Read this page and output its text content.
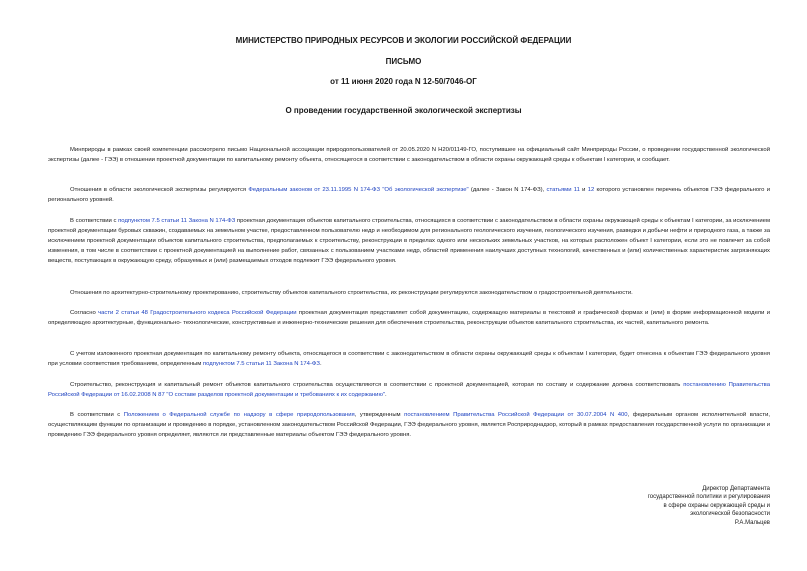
МИНИСТЕРСТВО ПРИРОДНЫХ РЕСУРСОВ И ЭКОЛОГИИ РОССИЙСКОЙ ФЕДЕРАЦИИ
ПИСЬМО
от 11 июня 2020 года N 12-50/7046-ОГ
О проведении государственной экологической экспертизы

Минприроды в рамках своей компетенции рассмотрело письмо Национальной ассоциации природопользователей от 20.05.2020 N Н20/01149-ГО, поступившее на официальный сайт Минприроды России, о проведении государственной экологической экспертизы (далее - ГЭЭ) в отношении проектной документации по капитальному ремонту объекта, относящегося в соответствии с законодательством в области охраны окружающей среды к объектам I категории, и сообщает.

Отношения в области экологической экспертизы регулируются Федеральным законом от 23.11.1995 N 174-ФЗ "Об экологической экспертизе" (далее - Закон N 174-ФЗ), статьями 11 и 12 которого установлен перечень объектов ГЭЭ федерального и регионального уровней.

В соответствии с подпунктом 7.5 статьи 11 Закона N 174-ФЗ проектная документация объектов капитального строительства, относящихся в соответствии с законодательством в области охраны окружающей среды к объектам I категории, за исключением проектной документации буровых скважин, создаваемых на земельном участке, предоставленном пользователю недр и необходимом для регионального геологического изучения, геологического изучения, разведки и добычи нефти и природного газа, а также за исключением проектной документации объектов капитального строительства, предполагаемых к строительству, реконструкции в пределах одного или нескольких земельных участков, на которых расположен объект I категории, если это не повлечет за собой изменения, в том числе в соответствии с проектной документацией на выполнение работ, связанных с пользованием участками недр, областей применения наилучших доступных технологий, качественных и (или) количественных характеристик загрязняющих веществ, поступающих в окружающую среду, образуемых и (или) размещаемых отходов подлежит ГЭЭ федерального уровня.

Отношения по архитектурно-строительному проектированию, строительству объектов капитального строительства, их реконструкции регулируются законодательством о градостроительной деятельности.

Согласно части 2 статьи 48 Градостроительного кодекса Российской Федерации проектная документация представляет собой документацию, содержащую материалы в текстовой и графической формах и (или) в форме информационной модели и определяющую архитектурные, функционально- технологические, конструктивные и инженерно-технические решения для обеспечения строительства, реконструкции объектов капитального строительства, их частей, капитального ремонта.

С учетом изложенного проектная документация по капитальному ремонту объекта, относящегося в соответствии с законодательством в области охраны окружающей среды к объектам I категории, будет отнесена к объектам ГЭЭ федерального уровня при условии соответствия требованиям, определенным подпунктом 7.5 статьи 11 Закона N 174-ФЗ.

Строительство, реконструкция и капитальный ремонт объектов капитального строительства осуществляются в соответствии с проектной документацией, которая по составу и содержание должна соответствовать постановлению Правительства Российской Федерации от 16.02.2008 N 87 "О составе разделов проектной документации и требованиях к их содержанию".

В соответствии с Положением о Федеральной службе по надзору в сфере природопользования, утвержденным постановлением Правительства Российской Федерации от 30.07.2004 N 400, федеральным органом исполнительной власти, осуществляющим функции по организации и проведению в порядке, установленном законодательством Российской Федерации, ГЭЭ федерального уровня, является Росприроднадзор, который в рамках предоставления государственной услуги по организации и проведению ГЭЭ федерального уровня определяет, являются ли представленные материалы объектом ГЭЭ федерального уровня.

Директор Департамента
государственной политики и регулирования
в сфере охраны окружающей среды и
экологической безопасности
Р.А.Мальцев
